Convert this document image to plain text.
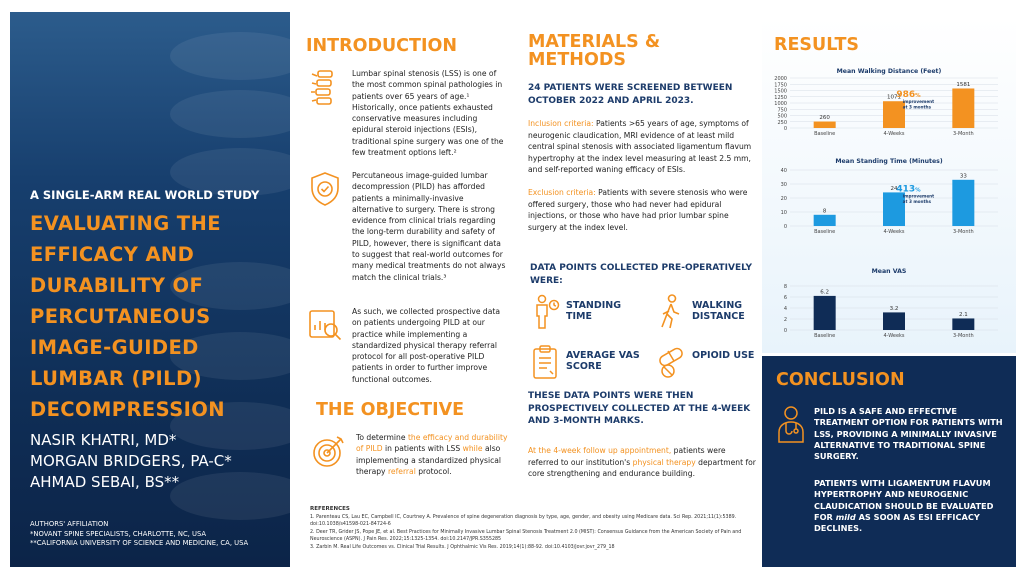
A SINGLE-ARM REAL WORLD STUDY
EVALUATING THE
EFFICACY AND
DURABILITY OF
PERCUTANEOUS
IMAGE-GUIDED
LUMBAR (PILD)
DECOMPRESSION
NASIR KHATRI, MD*
MORGAN BRIDGERS, PA-C*
AHMAD SEBAI, BS**
AUTHORS' AFFILIATION
*NOVANT SPINE SPECIALISTS, CHARLOTTE, NC, USA
**CALIFORNIA UNIVERSITY OF SCIENCE AND MEDICINE, CA, USA
INTRODUCTION
Lumbar spinal stenosis (LSS) is one of the most common spinal pathologies in patients over 65 years of age.¹ Historically, once patients exhausted conservative measures including epidural steroid injections (ESIs), traditional spine surgery was one of the few treatment options left.²
Percutaneous image-guided lumbar decompression (PILD) has afforded patients a minimally-invasive alternative to surgery. There is strong evidence from clinical trials regarding the long-term durability and safety of PILD, however, there is significant data to suggest that real-world outcomes for many medical treatments do not always match the clinical trials.³
As such, we collected prospective data on patients undergoing PILD at our practice while implementing a standardized physical therapy referral protocol for all post-operative PILD patients in order to further improve functional outcomes.
THE OBJECTIVE
To determine the efficacy and durability of PILD in patients with LSS while also implementing a standardized physical therapy referral protocol.
REFERENCES
1. Parenteau CS, Lau EC, Campbell IC, Courtney A. Prevalence of spine degeneration diagnosis by type, age, gender, and obesity using Medicare data. Sci Rep. 2021;11(1):5389. doi:10.1038/s41598-021-84724-6
2. Deer TR, Grider JS, Pope JE, et al. Best Practices for Minimally Invasive Lumbar Spinal Stenosis Treatment 2.0 (MIST): Consensus Guidance from the American Society of Pain and Neuroscience (ASPN). J Pain Res. 2022;15:1325-1354. doi:10.2147/JPR.S355285
3. Zarbin M. Real Life Outcomes vs. Clinical Trial Results. J Ophthalmic Vis Res. 2019;14(1):88-92. doi:10.4103/jovr.jovr_279_18
MATERIALS &
METHODS
24 PATIENTS WERE SCREENED BETWEEN OCTOBER 2022 AND APRIL 2023.
Inclusion criteria: Patients >65 years of age, symptoms of neurogenic claudication, MRI evidence of at least mild central spinal stenosis with associated ligamentum flavum hypertrophy at the index level measuring at least 2.5 mm, and self-reported waning efficacy of ESIs.
Exclusion criteria: Patients with severe stenosis who were offered surgery, those who had never had epidural injections, or those who have had prior lumbar spine surgery at the index level.
DATA POINTS COLLECTED PRE-OPERATIVELY WERE:
STANDING TIME
WALKING DISTANCE
AVERAGE VAS SCORE
OPIOID USE
THESE DATA POINTS WERE THEN PROSPECTIVELY COLLECTED AT THE 4-WEEK AND 3-MONTH MARKS.
At the 4-week follow up appointment, patients were referred to our institution's physical therapy department for core strengthening and endurance building.
RESULTS
Mean Walking Distance (Feet)
0
250
500
750
1000
1250
1500
1750
2000
260
Baseline
1071
4-Weeks
1581
3-Month
986%
improvement
at 3 months
Mean Standing Time (Minutes)
0
10
20
30
40
8
Baseline
24
4-Weeks
33
3-Month
413%
improvement
at 3 months
Mean VAS
0
2
4
6
8
6.2
Baseline
3.2
4-Weeks
2.1
3-Month
CONCLUSION

PILD IS A SAFE AND EFFECTIVE TREATMENT OPTION FOR PATIENTS WITH LSS, PROVIDING A MINIMALLY INVASIVE ALTERNATIVE TO TRADITIONAL SPINE SURGERY.

PATIENTS WITH LIGAMENTUM FLAVUM HYPERTROPHY AND NEUROGENIC CLAUDICATION SHOULD BE EVALUATED FOR mild AS SOON AS ESI EFFICACY DECLINES.
